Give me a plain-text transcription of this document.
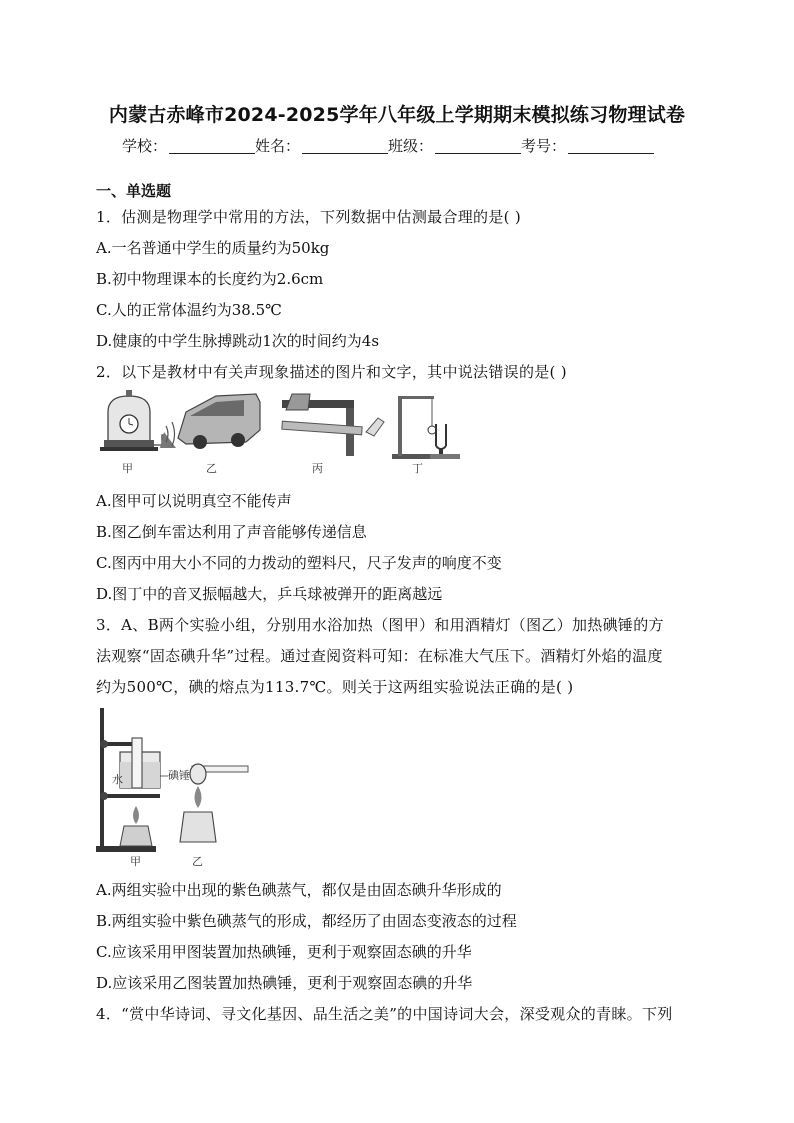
内蒙古赤峰市2024-2025学年八年级上学期期末模拟练习物理试卷
学校：	姓名：	班级：	考号：
一、单选题
1．估测是物理学中常用的方法，下列数据中估测最合理的是( )
A.一名普通中学生的质量约为50kg
B.初中物理课本的长度约为2.6cm
C.人的正常体温约为38.5℃
D.健康的中学生脉搏跳动1次的时间约为4s
2．以下是教材中有关声现象描述的图片和文字，其中说法错误的是( )
甲	乙	丙	丁
A.图甲可以说明真空不能传声
B.图乙倒车雷达利用了声音能够传递信息
C.图丙中用大小不同的力拨动的塑料尺，尺子发声的响度不变
D.图丁中的音叉振幅越大，乒乓球被弹开的距离越远
3．A、B两个实验小组，分别用水浴加热（图甲）和用酒精灯（图乙）加热碘锤的方
法观察“固态碘升华”过程。通过查阅资料可知：在标准大气压下。酒精灯外焰的温度
约为500℃，碘的熔点为113.7℃。则关于这两组实验说法正确的是( )
水	碘锤
甲	乙
A.两组实验中出现的紫色碘蒸气，都仅是由固态碘升华形成的
B.两组实验中紫色碘蒸气的形成，都经历了由固态变液态的过程
C.应该采用甲图装置加热碘锤，更利于观察固态碘的升华
D.应该采用乙图装置加热碘锤，更利于观察固态碘的升华
4．“赏中华诗词、寻文化基因、品生活之美”的中国诗词大会，深受观众的青睐。下列
